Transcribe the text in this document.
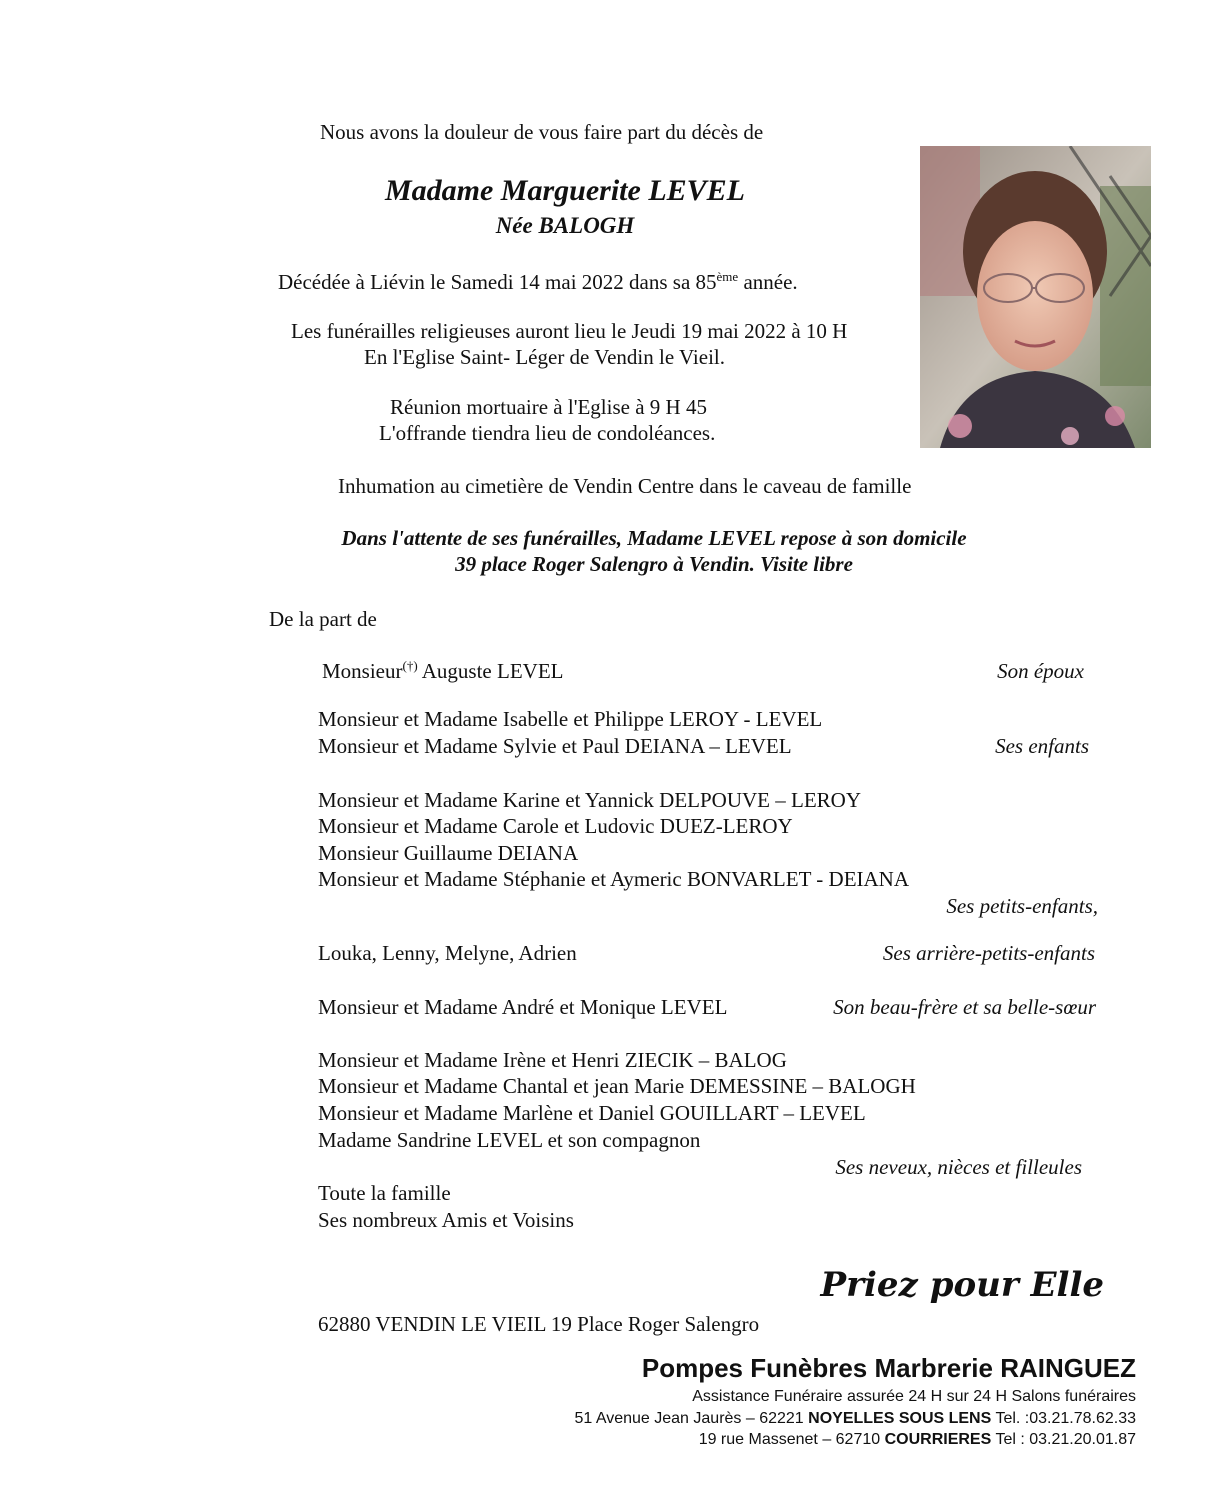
Nous avons la douleur de vous faire part du décès de
Madame Marguerite LEVEL
Née BALOGH
Décédée à Liévin le Samedi 14 mai 2022 dans sa 85ème année.
Les funérailles religieuses auront lieu le Jeudi 19 mai 2022 à 10 H
En l'Eglise Saint- Léger de Vendin le Vieil.
Réunion mortuaire à l'Eglise à 9 H 45
L'offrande tiendra lieu de condoléances.
Inhumation au cimetière de Vendin Centre dans le caveau de famille
Dans l'attente de ses funérailles, Madame LEVEL repose à son domicile
39 place Roger Salengro à Vendin. Visite libre
De la part de
Monsieur(†) Auguste LEVEL	Son époux
Monsieur et Madame Isabelle et Philippe LEROY - LEVEL
Monsieur et Madame Sylvie et Paul DEIANA – LEVEL	Ses enfants
Monsieur et Madame Karine et Yannick DELPOUVE – LEROY
Monsieur et Madame Carole et Ludovic DUEZ-LEROY
Monsieur Guillaume DEIANA
Monsieur et Madame Stéphanie et Aymeric BONVARLET - DEIANA
Ses petits-enfants,
Louka, Lenny, Melyne, Adrien	Ses arrière-petits-enfants
Monsieur et Madame André et Monique LEVEL	Son beau-frère et sa belle-sœur
Monsieur et Madame Irène et Henri ZIECIK – BALOG
Monsieur et Madame Chantal et jean Marie DEMESSINE – BALOGH
Monsieur et Madame Marlène et Daniel GOUILLART – LEVEL
Madame Sandrine LEVEL et son compagnon
Ses neveux, nièces et filleules
Toute la famille
Ses nombreux Amis et Voisins
Priez pour Elle
62880 VENDIN LE VIEIL 19 Place Roger Salengro
Pompes Funèbres Marbrerie RAINGUEZ
Assistance Funéraire assurée 24 H sur 24 H Salons funéraires
51 Avenue Jean Jaurès – 62221 NOYELLES SOUS LENS Tel. :03.21.78.62.33
19 rue Massenet – 62710 COURRIERES Tel : 03.21.20.01.87
